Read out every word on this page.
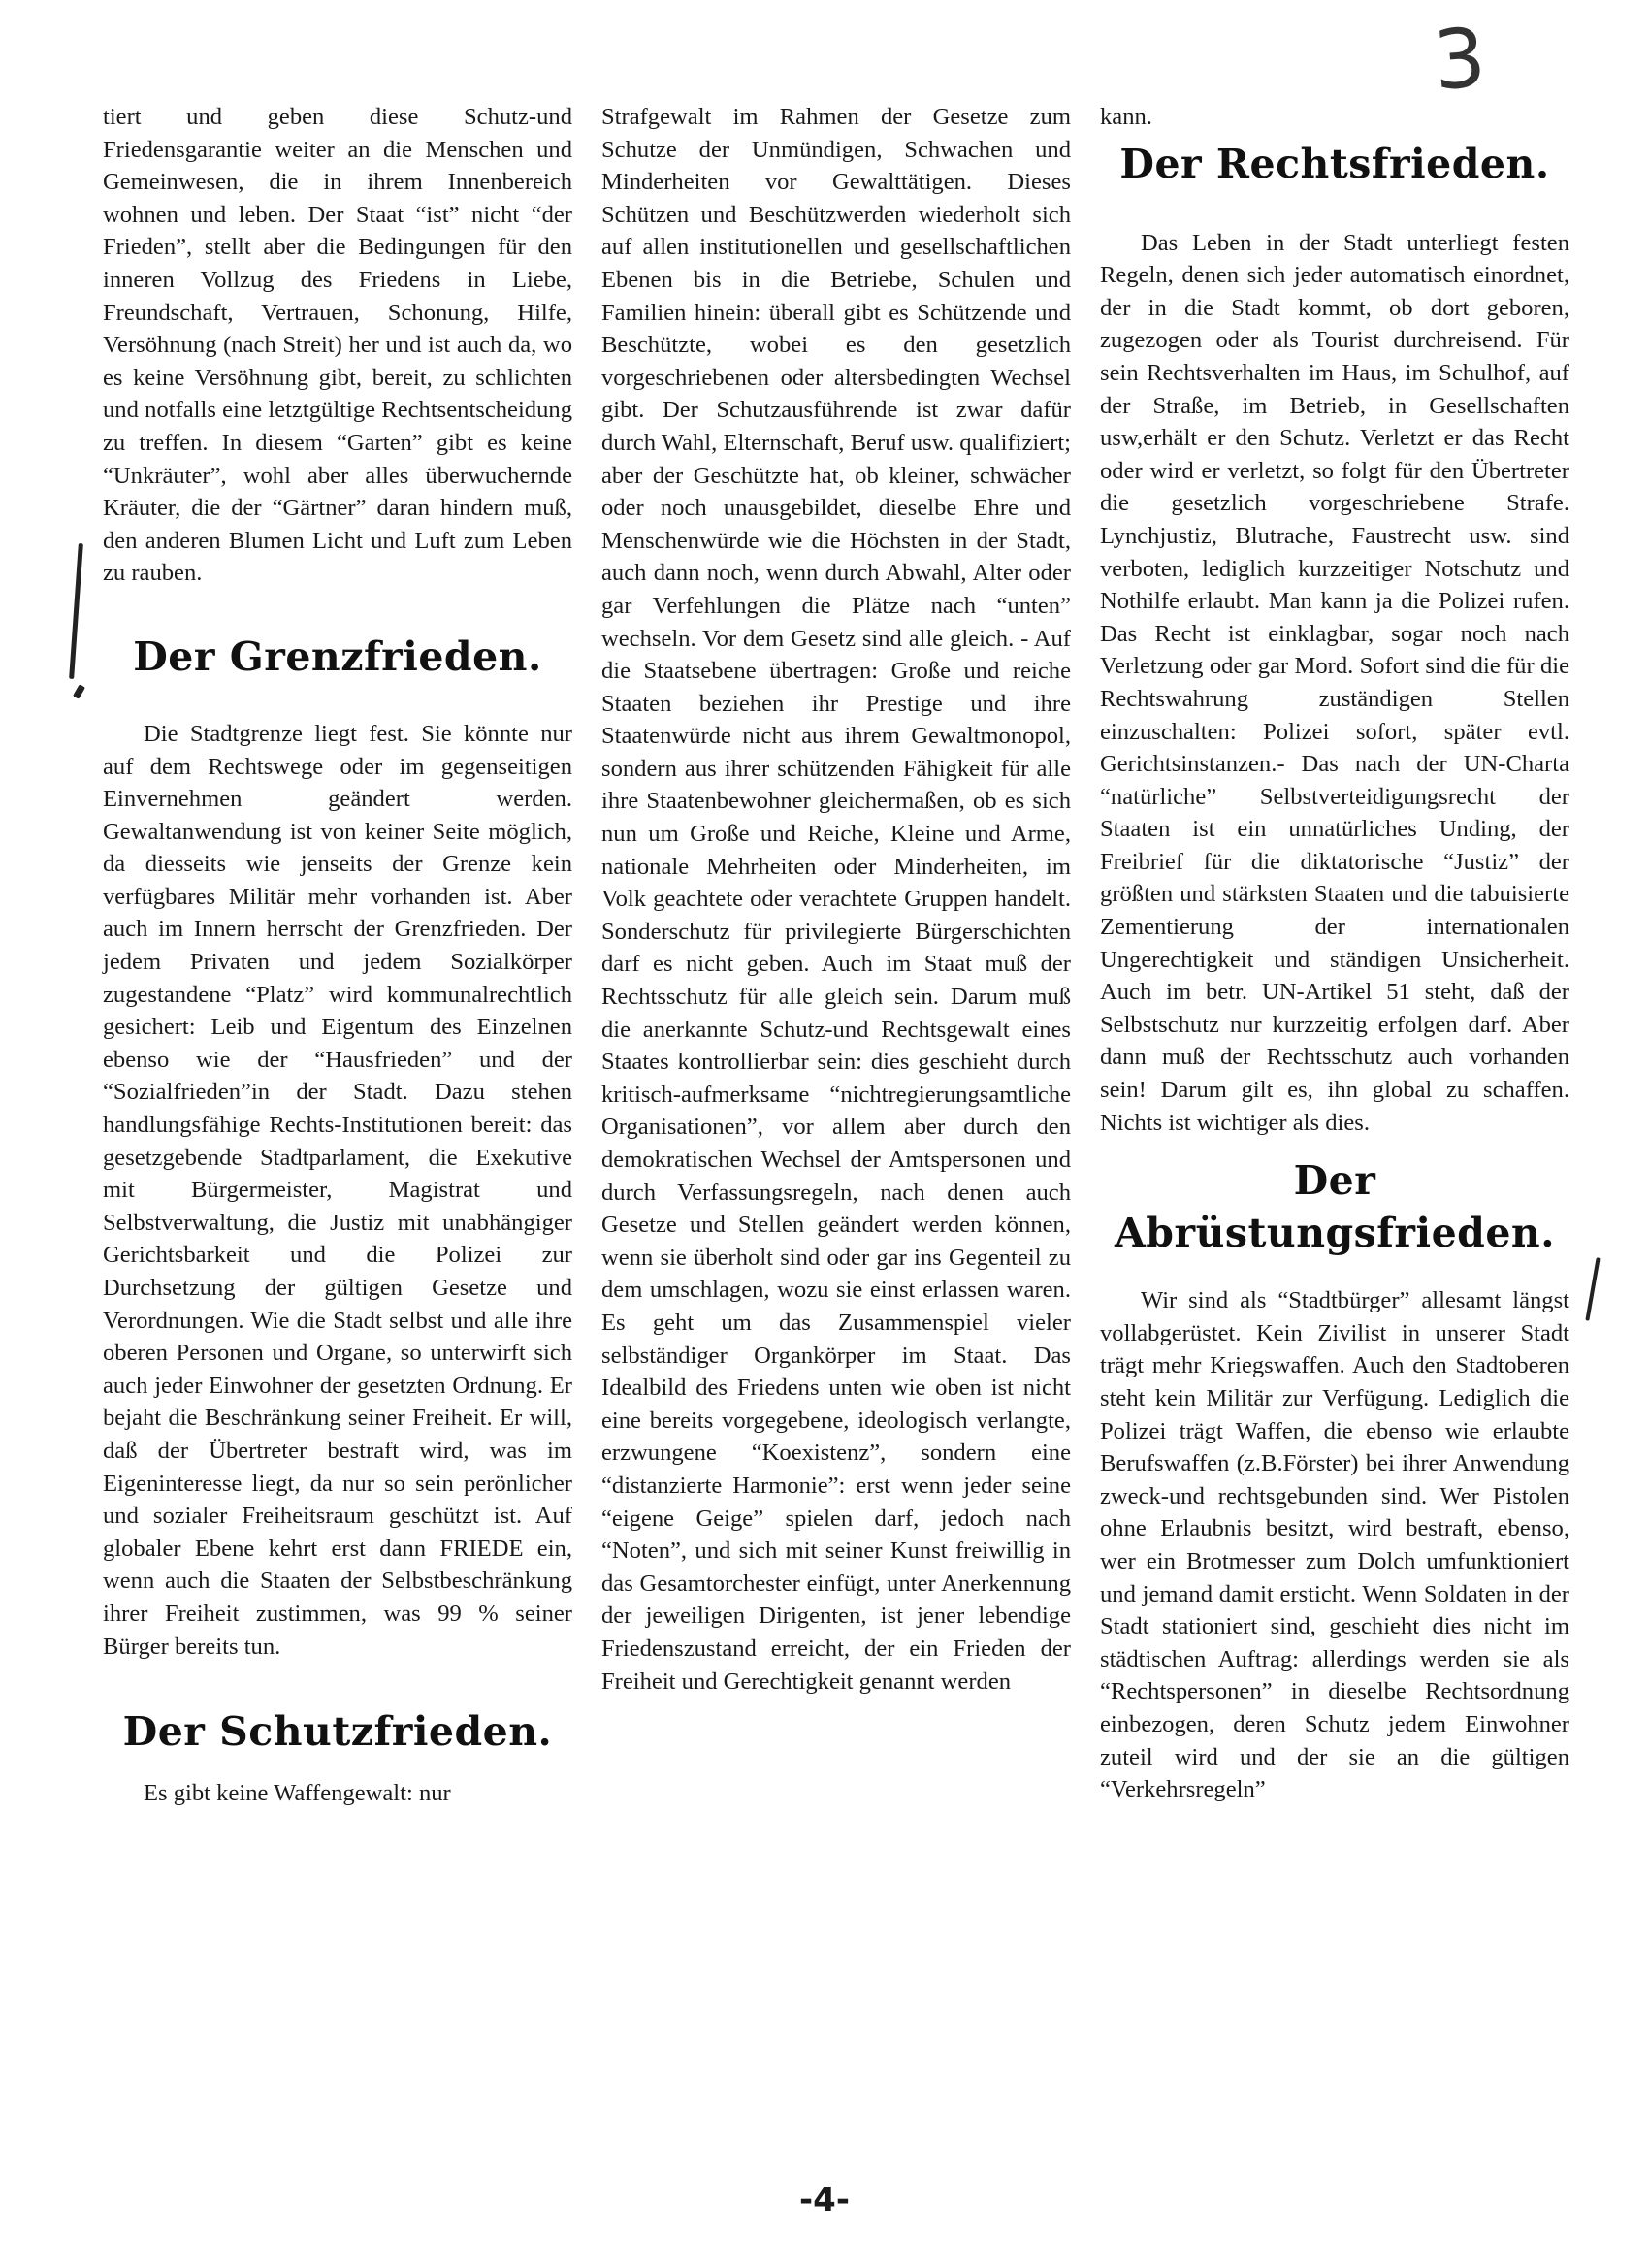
3

tiert und geben diese Schutz-und Friedensgarantie weiter an die Menschen und Gemeinwesen, die in ihrem Innenbereich wohnen und leben. Der Staat “ist” nicht “der Frieden”, stellt aber die Bedingungen für den inneren Vollzug des Friedens in Liebe, Freundschaft, Vertrauen, Schonung, Hilfe, Versöhnung (nach Streit) her und ist auch da, wo es keine Versöhnung gibt, bereit, zu schlichten und notfalls eine letztgültige Rechtsentscheidung zu treffen. In diesem “Garten” gibt es keine “Unkräuter”, wohl aber alles überwuchernde Kräuter, die der “Gärtner” daran hindern muß, den anderen Blumen Licht und Luft zum Leben zu rauben.

Der Grenzfrieden.

Die Stadtgrenze liegt fest. Sie könnte nur auf dem Rechtswege oder im gegenseitigen Einvernehmen geändert werden. Gewaltanwendung ist von keiner Seite möglich, da diesseits wie jenseits der Grenze kein verfügbares Militär mehr vorhanden ist. Aber auch im Innern herrscht der Grenzfrieden. Der jedem Privaten und jedem Sozialkörper zugestandene “Platz” wird kommunalrechtlich gesichert: Leib und Eigentum des Einzelnen ebenso wie der “Hausfrieden” und der “Sozialfrieden”in der Stadt. Dazu stehen handlungsfähige Rechts-Institutionen bereit: das gesetzgebende Stadtparlament, die Exekutive mit Bürgermeister, Magistrat und Selbstverwaltung, die Justiz mit unabhängiger Gerichtsbarkeit und die Polizei zur Durchsetzung der gültigen Gesetze und Verordnungen. Wie die Stadt selbst und alle ihre oberen Personen und Organe, so unterwirft sich auch jeder Einwohner der gesetzten Ordnung. Er bejaht die Beschränkung seiner Freiheit. Er will, daß der Übertreter bestraft wird, was im Eigeninteresse liegt, da nur so sein perönlicher und sozialer Freiheitsraum geschützt ist. Auf globaler Ebene kehrt erst dann FRIEDE ein, wenn auch die Staaten der Selbstbeschränkung ihrer Freiheit zustimmen, was 99 % seiner Bürger bereits tun.

Der Schutzfrieden.

Es gibt keine Waffengewalt: nur

Strafgewalt im Rahmen der Gesetze zum Schutze der Unmündigen, Schwachen und Minderheiten vor Gewalttätigen. Dieses Schützen und Beschützwerden wiederholt sich auf allen institutionellen und gesellschaftlichen Ebenen bis in die Betriebe, Schulen und Familien hinein: überall gibt es Schützende und Beschützte, wobei es den gesetzlich vorgeschriebenen oder altersbedingten Wechsel gibt. Der Schutzausführende ist zwar dafür durch Wahl, Elternschaft, Beruf usw. qualifiziert; aber der Geschützte hat, ob kleiner, schwächer oder noch unausgebildet, dieselbe Ehre und Menschenwürde wie die Höchsten in der Stadt, auch dann noch, wenn durch Abwahl, Alter oder gar Verfehlungen die Plätze nach “unten” wechseln. Vor dem Gesetz sind alle gleich. - Auf die Staatsebene übertragen: Große und reiche Staaten beziehen ihr Prestige und ihre Staatenwürde nicht aus ihrem Gewaltmonopol, sondern aus ihrer schützenden Fähigkeit für alle ihre Staatenbewohner gleichermaßen, ob es sich nun um Große und Reiche, Kleine und Arme, nationale Mehrheiten oder Minderheiten, im Volk geachtete oder verachtete Gruppen handelt. Sonderschutz für privilegierte Bürgerschichten darf es nicht geben. Auch im Staat muß der Rechtsschutz für alle gleich sein. Darum muß die anerkannte Schutz-und Rechtsgewalt eines Staates kontrollierbar sein: dies geschieht durch kritisch-aufmerksame “nichtregierungsamtliche Organisationen”, vor allem aber durch den demokratischen Wechsel der Amtspersonen und durch Verfassungsregeln, nach denen auch Gesetze und Stellen geändert werden können, wenn sie überholt sind oder gar ins Gegenteil zu dem umschlagen, wozu sie einst erlassen waren. Es geht um das Zusammenspiel vieler selbständiger Organkörper im Staat. Das Idealbild des Friedens unten wie oben ist nicht eine bereits vorgegebene, ideologisch verlangte, erzwungene “Koexistenz”, sondern eine “distanzierte Harmonie”: erst wenn jeder seine “eigene Geige” spielen darf, jedoch nach “Noten”, und sich mit seiner Kunst freiwillig in das Gesamtorchester einfügt, unter Anerkennung der jeweiligen Dirigenten, ist jener lebendige Friedenszustand erreicht, der ein Frieden der Freiheit und Gerechtigkeit genannt werden

kann.

Der Rechtsfrieden.

Das Leben in der Stadt unterliegt festen Regeln, denen sich jeder automatisch einordnet, der in die Stadt kommt, ob dort geboren, zugezogen oder als Tourist durchreisend. Für sein Rechtsverhalten im Haus, im Schulhof, auf der Straße, im Betrieb, in Gesellschaften usw,erhält er den Schutz. Verletzt er das Recht oder wird er verletzt, so folgt für den Übertreter die gesetzlich vorgeschriebene Strafe. Lynchjustiz, Blutrache, Faustrecht usw. sind verboten, lediglich kurzzeitiger Notschutz und Nothilfe erlaubt. Man kann ja die Polizei rufen. Das Recht ist einklagbar, sogar noch nach Verletzung oder gar Mord. Sofort sind die für die Rechtswahrung zuständigen Stellen einzuschalten: Polizei sofort, später evtl. Gerichtsinstanzen.- Das nach der UN-Charta “natürliche” Selbstverteidigungsrecht der Staaten ist ein unnatürliches Unding, der Freibrief für die diktatorische “Justiz” der größten und stärksten Staaten und die tabuisierte Zementierung der internationalen Ungerechtigkeit und ständigen Unsicherheit. Auch im betr. UN-Artikel 51 steht, daß der Selbstschutz nur kurzzeitig erfolgen darf. Aber dann muß der Rechtsschutz auch vorhanden sein! Darum gilt es, ihn global zu schaffen. Nichts ist wichtiger als dies.

Der
Abrüstungsfrieden.

Wir sind als “Stadtbürger” allesamt längst vollabgerüstet. Kein Zivilist in unserer Stadt trägt mehr Kriegswaffen. Auch den Stadtoberen steht kein Militär zur Verfügung. Lediglich die Polizei trägt Waffen, die ebenso wie erlaubte Berufswaffen (z.B.Förster) bei ihrer Anwendung zweck-und rechtsgebunden sind. Wer Pistolen ohne Erlaubnis besitzt, wird bestraft, ebenso, wer ein Brotmesser zum Dolch umfunktioniert und jemand damit ersticht. Wenn Soldaten in der Stadt stationiert sind, geschieht dies nicht im städtischen Auftrag: allerdings werden sie als “Rechtspersonen” in dieselbe Rechtsordnung einbezogen, deren Schutz jedem Einwohner zuteil wird und der sie an die gültigen “Verkehrsregeln”

-4-
